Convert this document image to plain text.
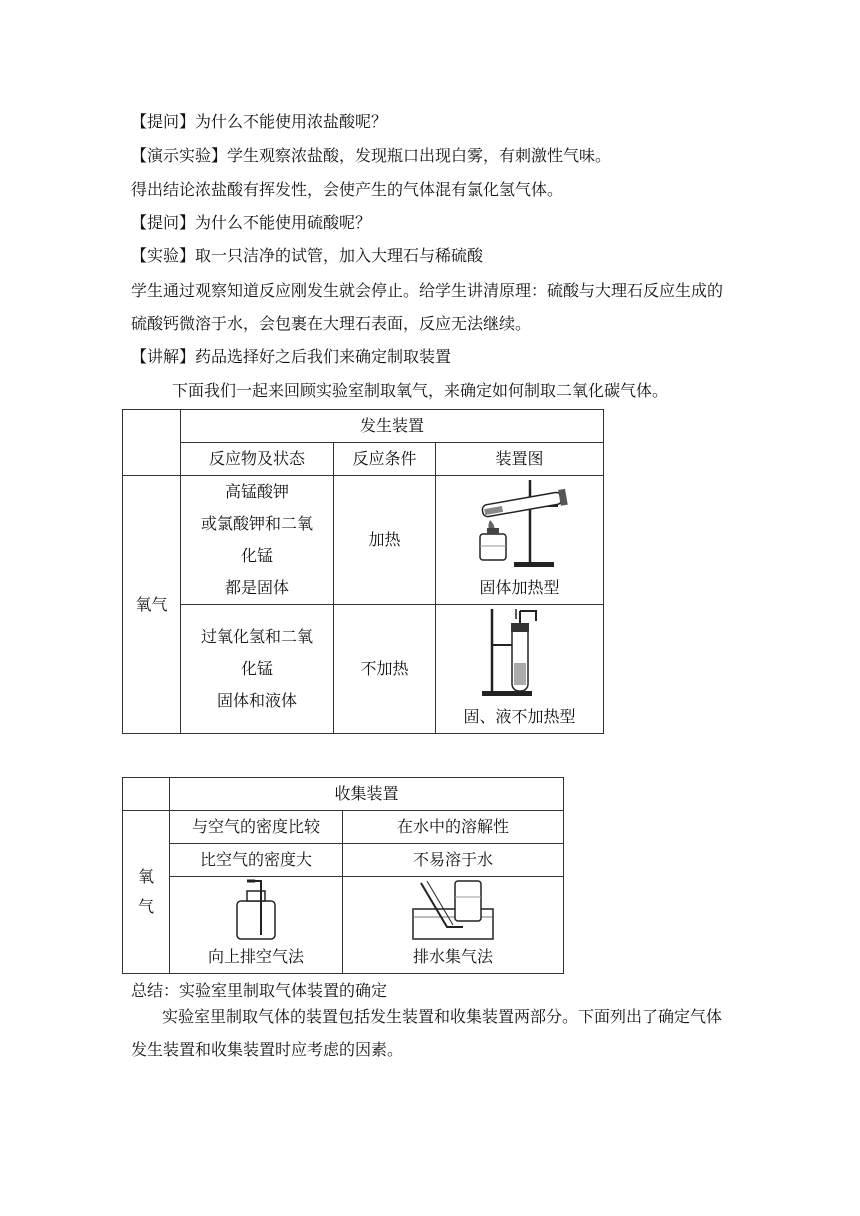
【提问】为什么不能使用浓盐酸呢？
【演示实验】学生观察浓盐酸，发现瓶口出现白雾，有刺激性气味。
得出结论浓盐酸有挥发性，会使产生的气体混有氯化氢气体。
【提问】为什么不能使用硫酸呢？
【实验】取一只洁净的试管，加入大理石与稀硫酸
学生通过观察知道反应刚发生就会停止。给学生讲清原理：硫酸与大理石反应生成的硫酸钙微溶于水，会包裹在大理石表面，反应无法继续。
【讲解】药品选择好之后我们来确定制取装置
下面我们一起来回顾实验室制取氧气，来确定如何制取二氧化碳气体。
	发生装置		
	反应物及状态	反应条件	装置图
氧气	高锰酸钾
或氯酸钾和二氧
化锰
都是固体	加热	固体加热型

	过氧化氢和二氧
化锰
固体和液体	不加热	固、液不加热型
	收集装置	

氧
气	与空气的密度比较	在水中的溶解性
	比空气的密度大	不易溶于水

	向上排空气法	排水集气法
总结：实验室里制取气体装置的确定
实验室里制取气体的装置包括发生装置和收集装置两部分。下面列出了确定气体发生装置和收集装置时应考虑的因素。
